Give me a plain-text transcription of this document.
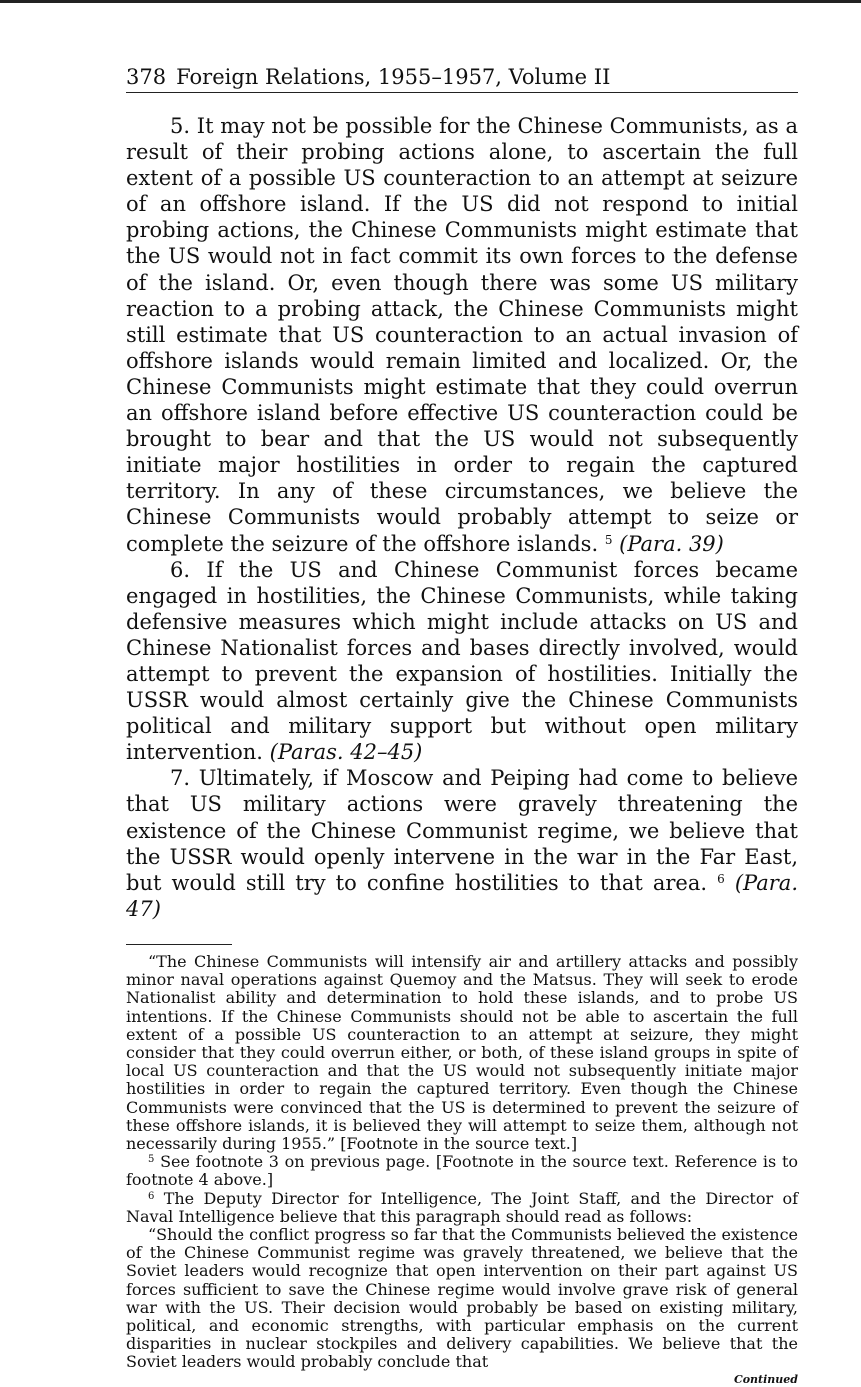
378 Foreign Relations, 1955–1957, Volume II

5. It may not be possible for the Chinese Communists, as a result of their probing actions alone, to ascertain the full extent of a possible US counteraction to an attempt at seizure of an offshore island. If the US did not respond to initial probing actions, the Chinese Communists might estimate that the US would not in fact commit its own forces to the defense of the island. Or, even though there was some US military reaction to a probing attack, the Chinese Communists might still estimate that US counteraction to an actual invasion of offshore islands would remain limited and localized. Or, the Chinese Communists might estimate that they could overrun an offshore island before effective US counteraction could be brought to bear and that the US would not subsequently initiate major hostilities in order to regain the captured territory. In any of these circumstances, we believe the Chinese Communists would probably attempt to seize or complete the seizure of the offshore islands. $^5$ (Para. 39)

6. If the US and Chinese Communist forces became engaged in hostilities, the Chinese Communists, while taking defensive measures which might include attacks on US and Chinese Nationalist forces and bases directly involved, would attempt to prevent the expansion of hostilities. Initially the USSR would almost certainly give the Chinese Communists political and military support but without open military intervention. (Paras. 42–45)

7. Ultimately, if Moscow and Peiping had come to believe that US military actions were gravely threatening the existence of the Chinese Communist regime, we believe that the USSR would openly intervene in the war in the Far East, but would still try to confine hostilities to that area. $^6$ (Para. 47)

“The Chinese Communists will intensify air and artillery attacks and possibly minor naval operations against Quemoy and the Matsus. They will seek to erode Nationalist ability and determination to hold these islands, and to probe US intentions. If the Chinese Communists should not be able to ascertain the full extent of a possible US counteraction to an attempt at seizure, they might consider that they could overrun either, or both, of these island groups in spite of local US counteraction and that the US would not subsequently initiate major hostilities in order to regain the captured territory. Even though the Chinese Communists were convinced that the US is determined to prevent the seizure of these offshore islands, it is believed they will attempt to seize them, although not necessarily during 1955.” [Footnote in the source text.]

$^5$ See footnote 3 on previous page. [Footnote in the source text. Reference is to footnote 4 above.]

$^6$ The Deputy Director for Intelligence, The Joint Staff, and the Director of Naval Intelligence believe that this paragraph should read as follows:

“Should the conflict progress so far that the Communists believed the existence of the Chinese Communist regime was gravely threatened, we believe that the Soviet leaders would recognize that open intervention on their part against US forces sufficient to save the Chinese regime would involve grave risk of general war with the US. Their decision would probably be based on existing military, political, and economic strengths, with particular emphasis on the current disparities in nuclear stockpiles and delivery capabilities. We believe that the Soviet leaders would probably conclude that

Continued
